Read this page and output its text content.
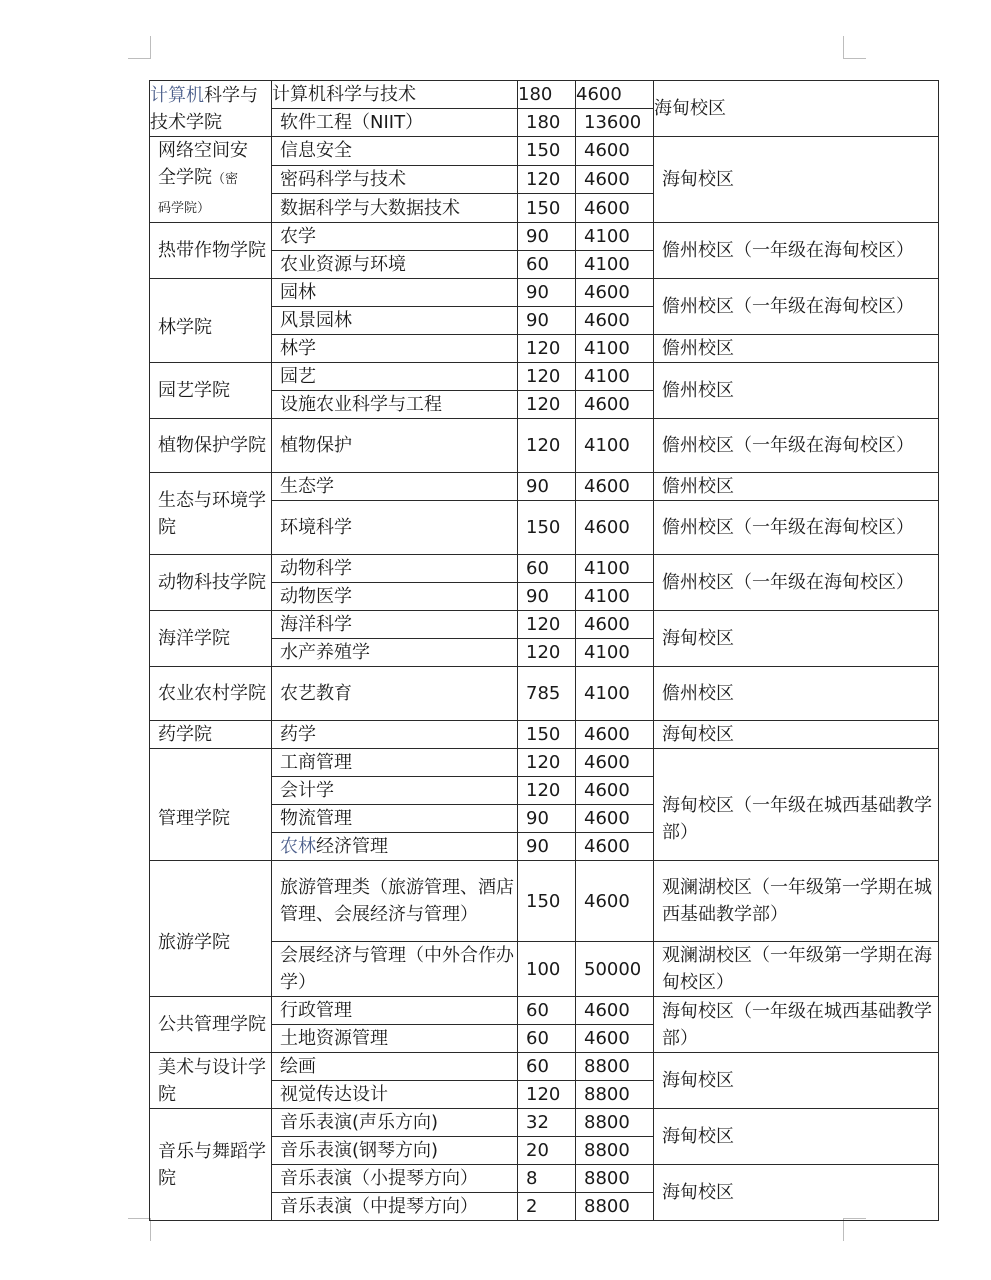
计算机科学与
技术学院	计算机科学与技术	180	4600	海甸校区
	软件工程（NIIT）	180	13600	
网络空间安
全学院（密
码学院）	信息安全	150	4600	海甸校区
	密码科学与技术	120	4600	
	数据科学与大数据技术	150	4600	
热带作物学院	农学	90	4100	儋州校区（一年级在海甸校区）
	农业资源与环境	60	4100	
林学院	园林	90	4600	儋州校区（一年级在海甸校区）
	风景园林	90	4600	
	林学	120	4100	儋州校区
园艺学院	园艺	120	4100	儋州校区
	设施农业科学与工程	120	4600	
植物保护学院	植物保护	120	4100	儋州校区（一年级在海甸校区）
生态与环境学院	生态学	90	4600	儋州校区
	环境科学	150	4600	儋州校区（一年级在海甸校区）
动物科技学院	动物科学	60	4100	儋州校区（一年级在海甸校区）
	动物医学	90	4100	
海洋学院	海洋科学	120	4600	海甸校区
	水产养殖学	120	4100	
农业农村学院	农艺教育	785	4100	儋州校区
药学院	药学	150	4600	海甸校区
管理学院	工商管理	120	4600	海甸校区（一年级在城西基础教学部）
	会计学	120	4600	
	物流管理	90	4600	
	农林经济管理	90	4600	
旅游学院	旅游管理类（旅游管理、酒店管理、会展经济与管理）	150	4600	观澜湖校区（一年级第一学期在城西基础教学部）
	会展经济与管理（中外合作办学）	100	50000	观澜湖校区（一年级第一学期在海甸校区）
公共管理学院	行政管理	60	4600	海甸校区（一年级在城西基础教学部）
	土地资源管理	60	4600	
美术与设计学院	绘画	60	8800	海甸校区
	视觉传达设计	120	8800	
音乐与舞蹈学院	音乐表演(声乐方向)	32	8800	海甸校区
	音乐表演(钢琴方向)	20	8800	
	音乐表演（小提琴方向）	8	8800	海甸校区
	音乐表演（中提琴方向）	2	8800	
